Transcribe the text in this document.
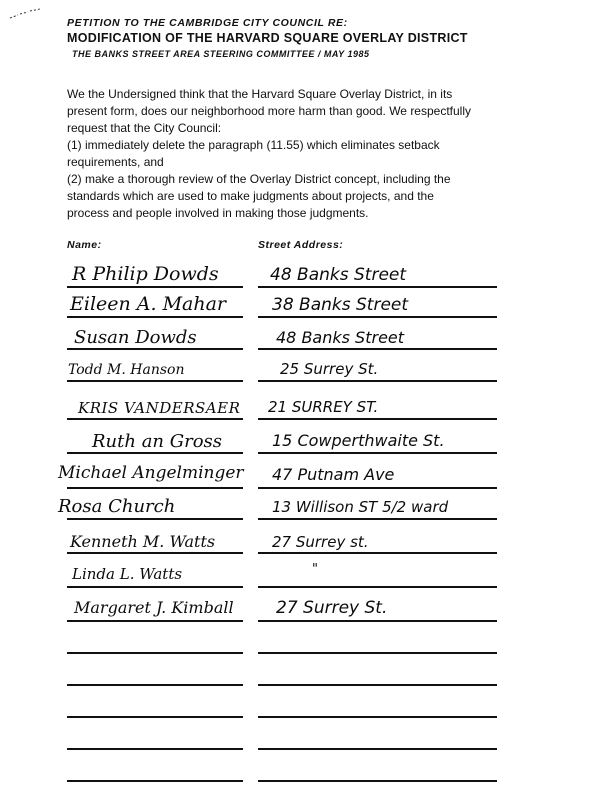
PETITION TO THE CAMBRIDGE CITY COUNCIL RE:
MODIFICATION OF THE HARVARD SQUARE OVERLAY DISTRICT
THE BANKS STREET AREA STEERING COMMITTEE / MAY 1985
We the Undersigned think that the Harvard Square Overlay District, in its
present form, does our neighborhood more harm than good. We respectfully
request that the City Council:
(1) immediately delete the paragraph (11.55) which eliminates setback
requirements, and
(2) make a thorough review of the Overlay District concept, including the
standards which are used to make judgments about projects, and the
process and people involved in making those judgments.
Name:	Street Address:
R Philip Dowds	48 Banks Street
Eileen A. Mahar	38 Banks Street
Susan Dowds	48 Banks Street
Todd M. Hanson	25 Surrey St.
KRIS VANDERSAER 21 SURREY ST.
Ruth an Gross	15 Cowperthwaite St.
Michael Angelminger 47 Putnam Ave
Rosa Church	13 Willison ST 5/2 ward
Kenneth M. Watts	27 Surrey st.
Linda L. Watts	"
Margaret J. Kimball 27 Surrey St.
